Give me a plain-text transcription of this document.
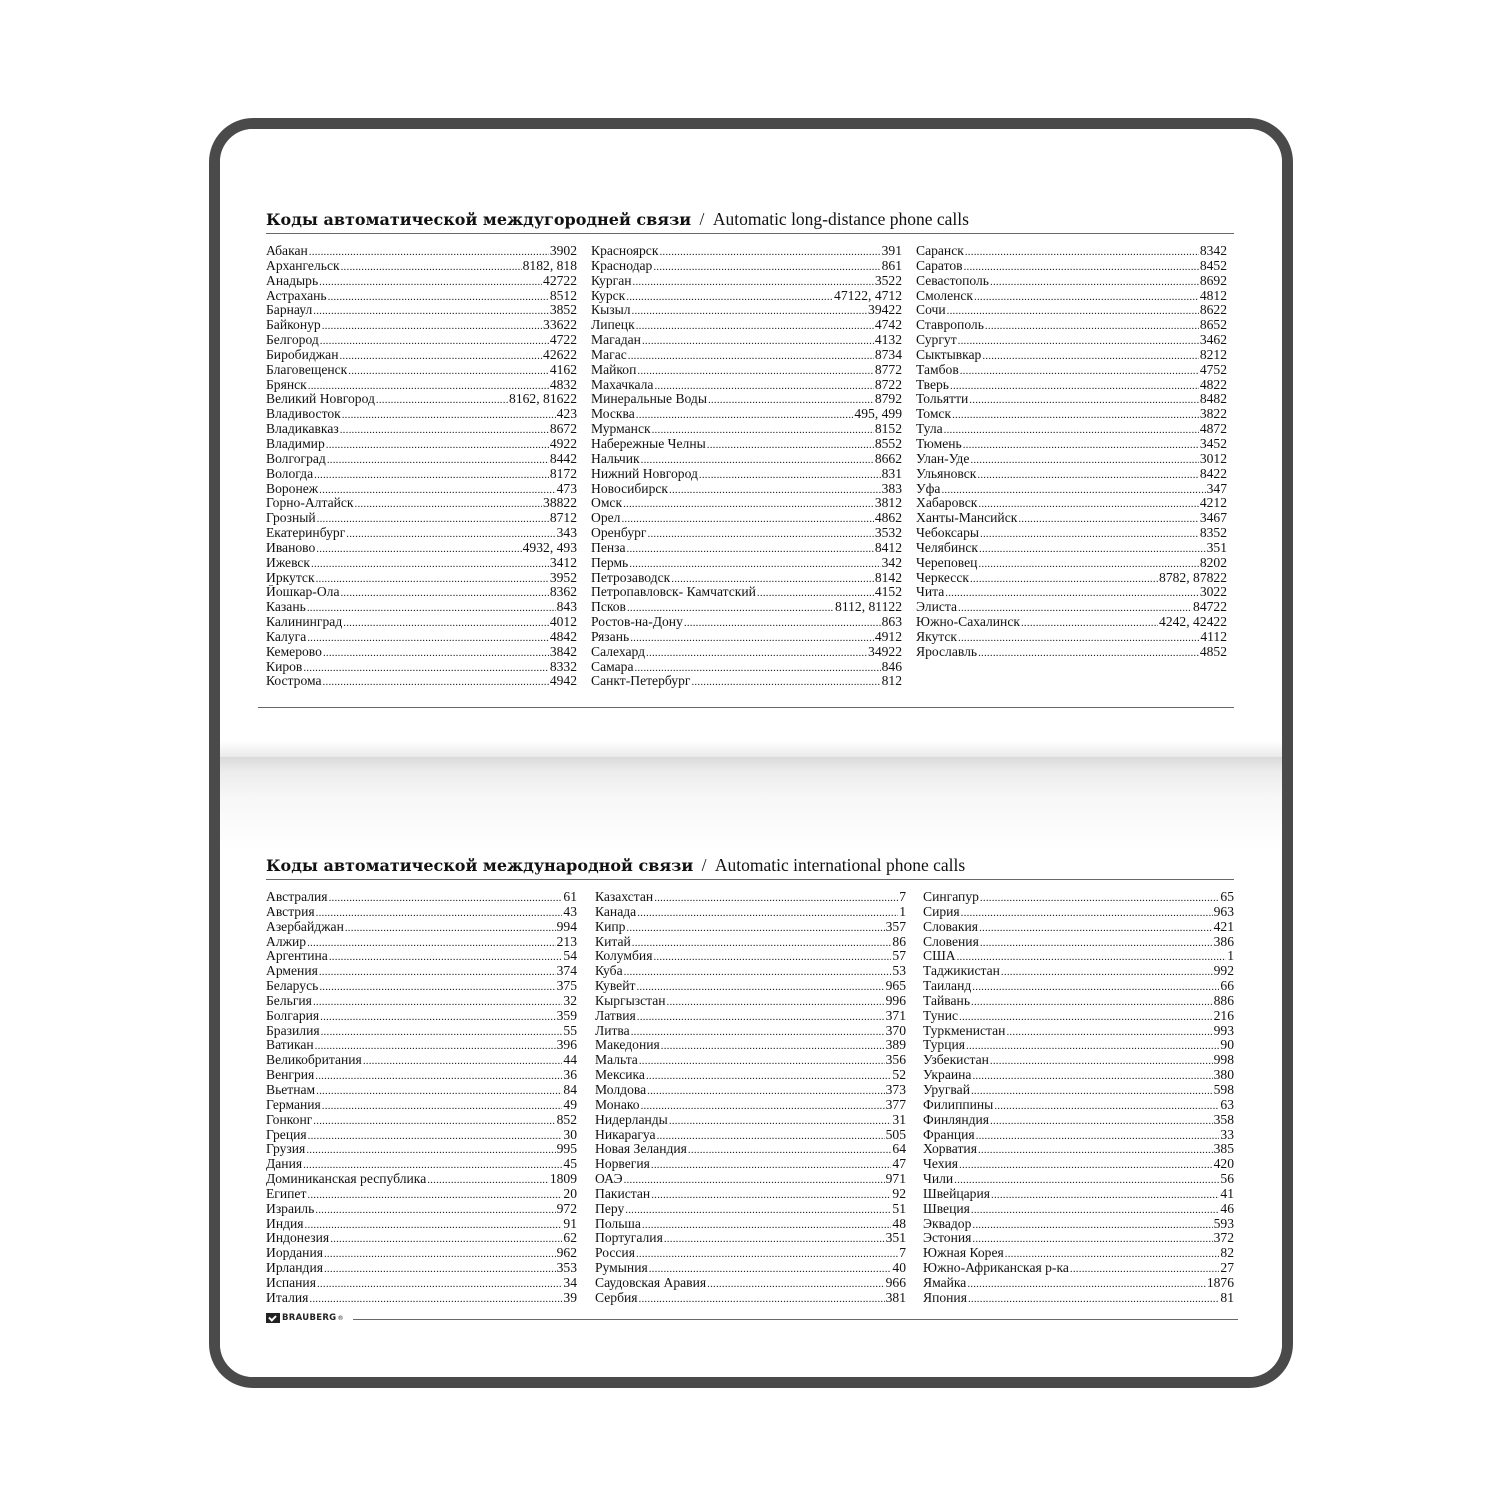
Коды автоматической междугородней связи / Automatic long-distance phone calls
Абакан .....	3902
Архангельск .....	8182, 818
Анадырь .....	42722
Астрахань .....	8512
Барнаул .....	3852
Байконур .....	33622
Белгород .....	4722
Биробиджан .....	42622
Благовещенск .....	4162
Брянск .....	4832
Великий Новгород .....	8162, 81622
Владивосток .....	423
Владикавказ .....	8672
Владимир .....	4922
Волгоград .....	8442
Вологда .....	8172
Воронеж .....	473
Горно-Алтайск .....	38822
Грозный .....	8712
Екатеринбург .....	343
Иваново .....	4932, 493
Ижевск .....	3412
Иркутск .....	3952
Йошкар-Ола .....	8362
Казань .....	843
Калининград .....	4012
Калуга .....	4842
Кемерово .....	3842
Киров .....	8332
Кострома .....	4942
Красноярск .....	391
Краснодар .....	861
Курган .....	3522
Курск .....	47122, 4712
Кызыл .....	39422
Липецк .....	4742
Магадан .....	4132
Магас .....	8734
Майкоп .....	8772
Махачкала .....	8722
Минеральные Воды .....	8792
Москва .....	495, 499
Мурманск .....	8152
Набережные Челны .....	8552
Нальчик .....	8662
Нижний Новгород .....	831
Новосибирск .....	383
Омск .....	3812
Орел .....	4862
Оренбург .....	3532
Пенза .....	8412
Пермь .....	342
Петрозаводск .....	8142
Петропавловск- Камчатский .....	4152
Псков .....	8112, 81122
Ростов-на-Дону .....	863
Рязань .....	4912
Салехард .....	34922
Самара .....	846
Санкт-Петербург .....	812
Саранск .....	8342
Саратов .....	8452
Севастополь .....	8692
Смоленск .....	4812
Сочи .....	8622
Ставрополь .....	8652
Сургут .....	3462
Сыктывкар .....	8212
Тамбов .....	4752
Тверь .....	4822
Тольятти .....	8482
Томск .....	3822
Тула .....	4872
Тюмень .....	3452
Улан-Уде .....	3012
Ульяновск .....	8422
Уфа .....	347
Хабаровск .....	4212
Ханты-Мансийск .....	3467
Чебоксары .....	8352
Челябинск .....	351
Череповец .....	8202
Черкесск .....	8782, 87822
Чита .....	3022
Элиста .....	84722
Южно-Сахалинск .....	4242, 42422
Якутск .....	4112
Ярославль .....	4852
Коды автоматической международной связи / Automatic international phone calls
Австралия .....	61
Австрия .....	43
Азербайджан .....	994
Алжир .....	213
Аргентина .....	54
Армения .....	374
Беларусь .....	375
Бельгия .....	32
Болгария .....	359
Бразилия .....	55
Ватикан .....	396
Великобритания .....	44
Венгрия .....	36
Вьетнам .....	84
Германия .....	49
Гонконг .....	852
Греция .....	30
Грузия .....	995
Дания .....	45
Доминиканская республика .....	1809
Египет .....	20
Израиль .....	972
Индия .....	91
Индонезия .....	62
Иордания .....	962
Ирландия .....	353
Испания .....	34
Италия .....	39
Казахстан .....	7
Канада .....	1
Кипр .....	357
Китай .....	86
Колумбия .....	57
Куба .....	53
Кувейт .....	965
Кыргызстан .....	996
Латвия .....	371
Литва .....	370
Македония .....	389
Мальта .....	356
Мексика .....	52
Молдова .....	373
Монако .....	377
Нидерланды .....	31
Никарагуа .....	505
Новая Зеландия .....	64
Норвегия .....	47
ОАЭ .....	971
Пакистан .....	92
Перу .....	51
Польша .....	48
Португалия .....	351
Россия .....	7
Румыния .....	40
Саудовская Аравия .....	966
Сербия .....	381
Сингапур .....	65
Сирия .....	963
Словакия .....	421
Словения .....	386
США .....	1
Таджикистан .....	992
Таиланд .....	66
Тайвань .....	886
Тунис .....	216
Туркменистан .....	993
Турция .....	90
Узбекистан .....	998
Украина .....	380
Уругвай .....	598
Филиппины .....	63
Финляндия .....	358
Франция .....	33
Хорватия .....	385
Чехия .....	420
Чили .....	56
Швейцария .....	41
Швеция .....	46
Эквадор .....	593
Эстония .....	372
Южная Корея .....	82
Южно-Африканская р-ка .....	27
Ямайка .....	1876
Япония .....	81
BRAUBERG ®
